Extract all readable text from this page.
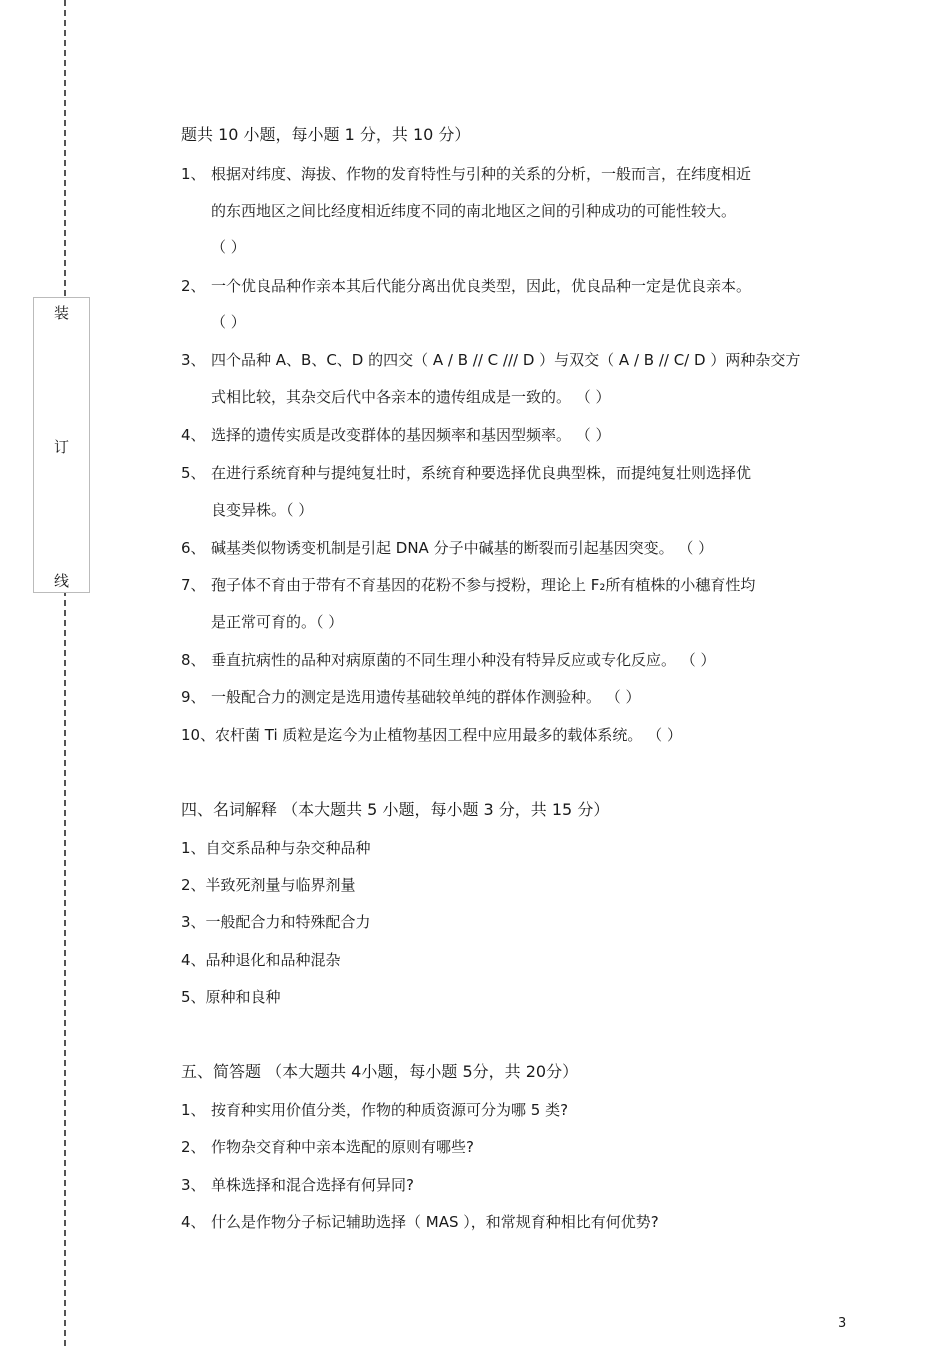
装
订
线
题共 10 小题，每小题 1 分，共 10 分）
1、 根据对纬度、海拔、作物的发育特性与引种的关系的分析，一般而言，在纬度相近
的东西地区之间比经度相近纬度不同的南北地区之间的引种成功的可能性较大。
（ ）
2、 一个优良品种作亲本其后代能分离出优良类型，因此，优良品种一定是优良亲本。
（ ）
3、 四个品种 A、B、C、D 的四交（ A / B // C /// D ）与双交（ A / B // C/ D ）两种杂交方
式相比较，其杂交后代中各亲本的遗传组成是一致的。 （ ）
4、 选择的遗传实质是改变群体的基因频率和基因型频率。 （ ）
5、 在进行系统育种与提纯复壮时，系统育种要选择优良典型株，而提纯复壮则选择优
良变异株。（ ）
6、 碱基类似物诱变机制是引起 DNA 分子中碱基的断裂而引起基因突变。 （ ）
7、 孢子体不育由于带有不育基因的花粉不参与授粉，理论上 F₂所有植株的小穗育性均
是正常可育的。（ ）
8、 垂直抗病性的品种对病原菌的不同生理小种没有特异反应或专化反应。 （ ）
9、 一般配合力的测定是选用遗传基础较单纯的群体作测验种。 （ ）
10、农杆菌 Ti 质粒是迄今为止植物基因工程中应用最多的载体系统。 （ ）
四、名词解释 （本大题共 5 小题，每小题 3 分，共 15 分）
1、自交系品种与杂交种品种
2、半致死剂量与临界剂量
3、一般配合力和特殊配合力
4、品种退化和品种混杂
5、原种和良种
五、简答题 （本大题共 4小题，每小题 5分，共 20分）
1、 按育种实用价值分类，作物的种质资源可分为哪 5 类?
2、 作物杂交育种中亲本选配的原则有哪些?
3、 单株选择和混合选择有何异同?
4、 什么是作物分子标记辅助选择（ MAS ），和常规育种相比有何优势?
3
